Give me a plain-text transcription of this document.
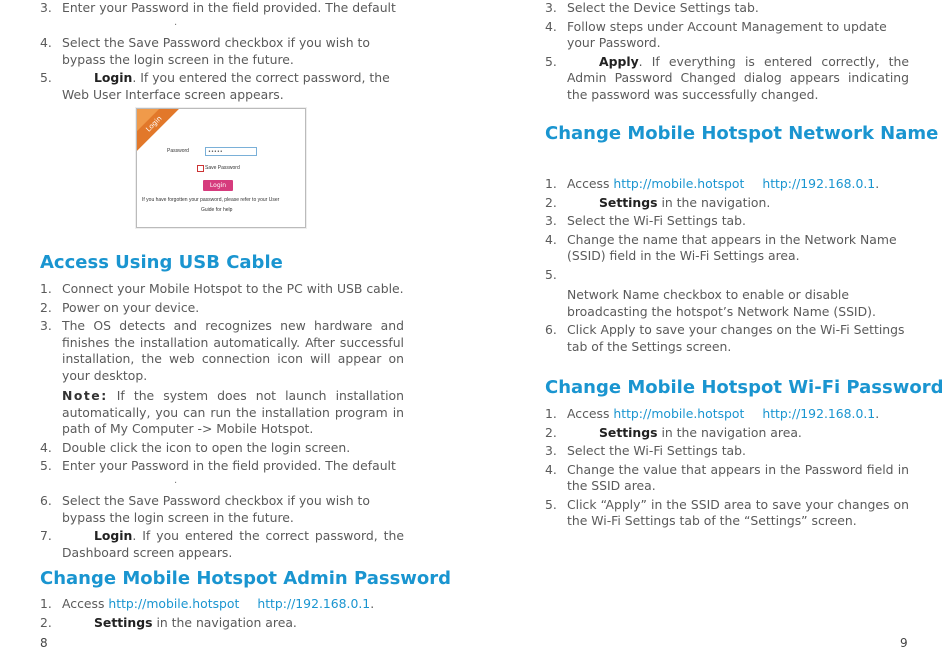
3. Enter your Password in the field provided. The default

.

4. Select the Save Password checkbox if you wish to bypass the login screen in the future.

5.	Login. If you entered the correct password, the Web User Interface screen appears.

Login
Password	•••••
Save Password
Login
If you have forgotten your password, please refer to your User
Guide for help
Access Using USB Cable

1. Connect your Mobile Hotspot to the PC with USB cable.

2. Power on your device.

3. The OS detects and recognizes new hardware and finishes the installation automatically. After successful installation, the web connection icon will appear on your desktop.

Note: If the system does not launch installation automatically, you can run the installation program in path of My Computer -> Mobile Hotspot.

4. Double click the icon to open the login screen.

5. Enter your Password in the field provided. The default

.

6. Select the Save Password checkbox if you wish to bypass the login screen in the future.

7.	Login. If you entered the correct password, the Dashboard screen appears.

Change Mobile Hotspot Admin Password

1. Access http://mobile.hotspot http://192.168.0.1.

2.	Settings in the navigation area.

8

3. Select the Device Settings tab.

4. Follow steps under Account Management to update your Password.

5.	Apply. If everything is entered correctly, the Admin Password Changed dialog appears indicating the password was successfully changed.

Change Mobile Hotspot Network Name

1. Access http://mobile.hotspot http://192.168.0.1.

2.	Settings in the navigation.

3. Select the Wi-Fi Settings tab.

4. Change the name that appears in the Network Name (SSID) field in the Wi-Fi Settings area.

5.

Network Name checkbox to enable or disable broadcasting the hotspot’s Network Name (SSID).

6. Click Apply to save your changes on the Wi-Fi Settings tab of the Settings screen.

Change Mobile Hotspot Wi-Fi Password

1. Access http://mobile.hotspot http://192.168.0.1.

2.	Settings in the navigation area.

3. Select the Wi-Fi Settings tab.

4. Change the value that appears in the Password field in the SSID area.

5. Click “Apply” in the SSID area to save your changes on the Wi-Fi Settings tab of the “Settings” screen.

9
